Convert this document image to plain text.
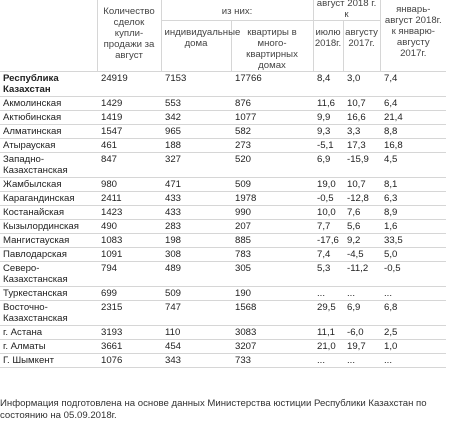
	Количество сделок купли-продажи за август	из них:		август 2018 г. к		январь-август 2018г. к январю-августу 2017г.
		индивидуальные дома	квартиры в много-квартирных домах	июлю 2018г.	августу 2017г.	
Республика Казахстан	24919	7153	17766	8,4	3,0	7,4
Акмолинская	1429	553	876	11,6	10,7	6,4
Актюбинская	1419	342	1077	9,9	16,6	21,4
Алматинская	1547	965	582	9,3	3,3	8,8
Атырауская	461	188	273	-5,1	17,3	16,8
Западно-Казахстанская	847	327	520	6,9	-15,9	4,5
Жамбылская	980	471	509	19,0	10,7	8,1
Карагандинская	2411	433	1978	-0,5	-12,8	6,3
Костанайская	1423	433	990	10,0	7,6	8,9
Кызылординская	490	283	207	7,7	5,6	1,6
Мангистауская	1083	198	885	-17,6	9,2	33,5
Павлодарская	1091	308	783	7,4	-4,5	5,0
Северо-Казахстанская	794	489	305	5,3	-11,2	-0,5
Туркестанская	699	509	190	...	...	...
Восточно-Казахстанская	2315	747	1568	29,5	6,9	6,8
г. Астана	3193	110	3083	11,1	-6,0	2,5
г. Алматы	3661	454	3207	21,0	19,7	1,0
Г. Шымкент	1076	343	733	...	...	...
Информация подготовлена на основе данных Министерства юстиции Республики Казахстан по состоянию на 05.09.2018г.
